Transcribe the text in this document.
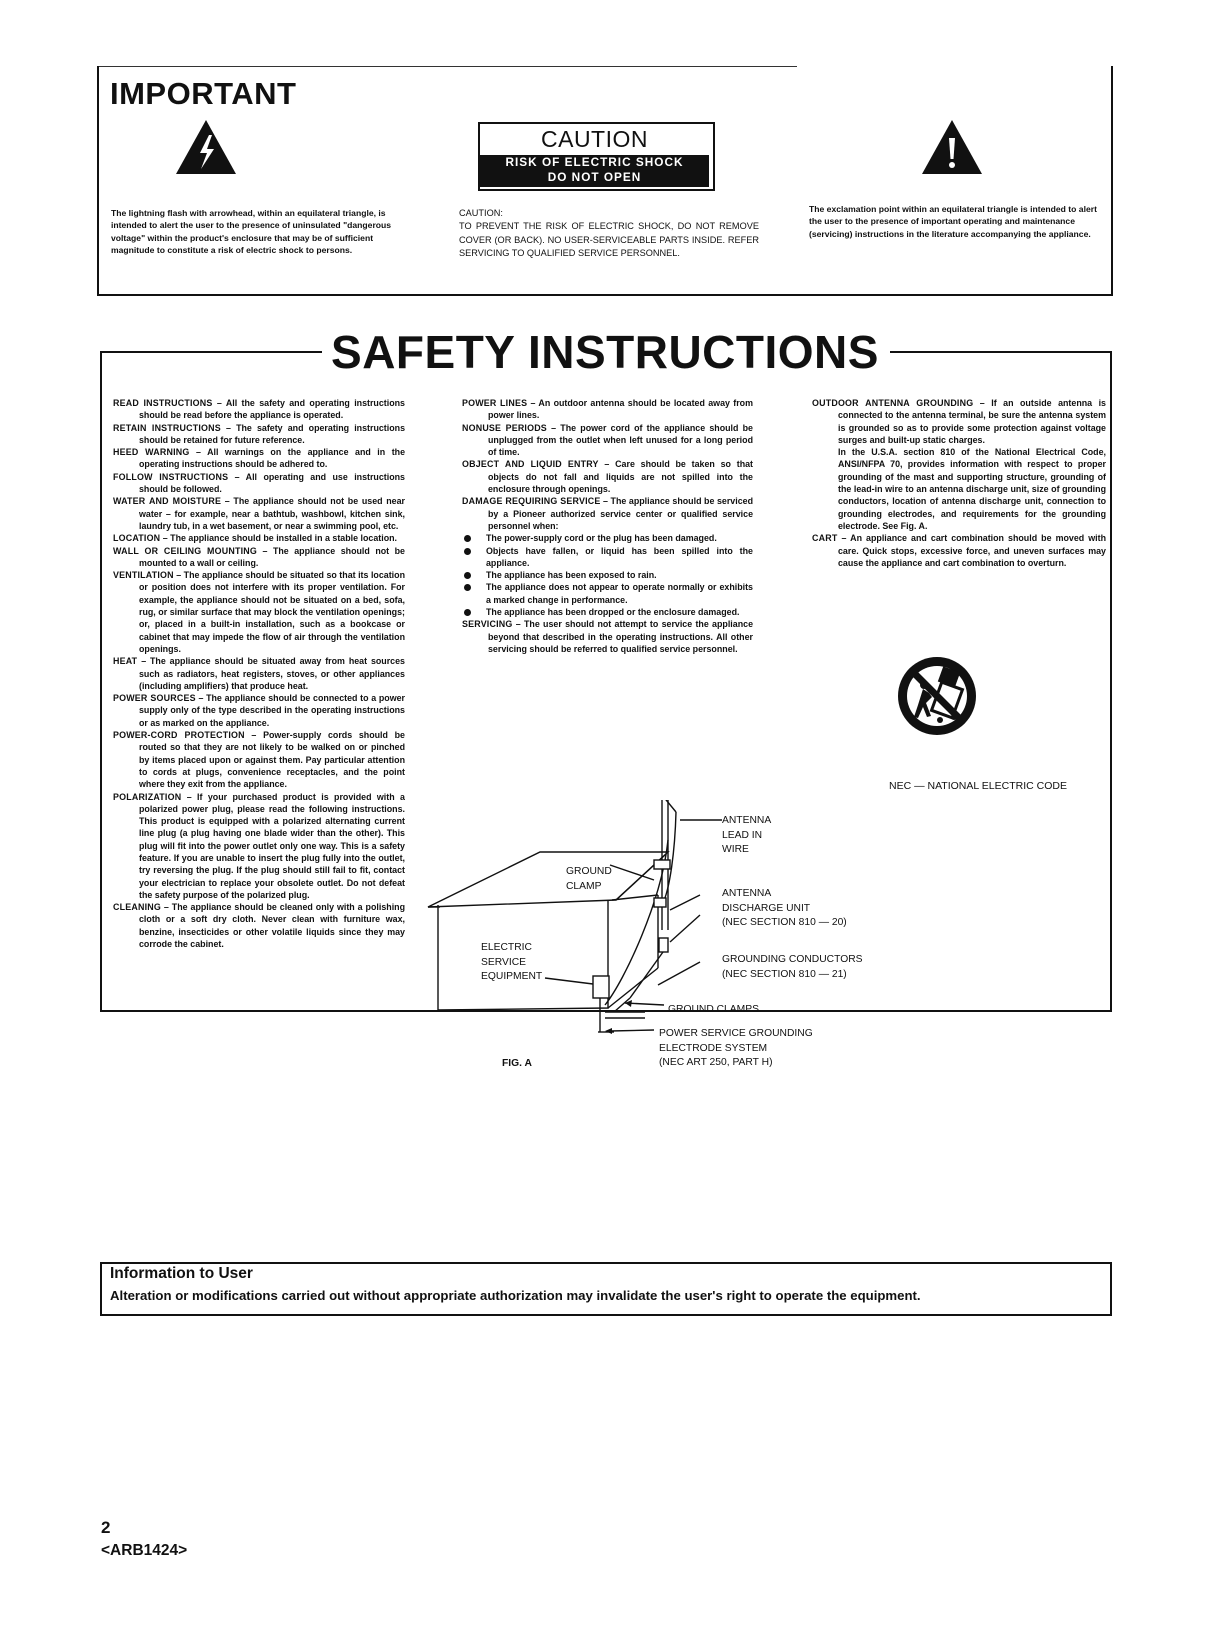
IMPORTANT
CAUTION
RISK OF ELECTRIC SHOCK
DO NOT OPEN
The lightning flash with arrowhead, within an equilateral triangle, is intended to alert the user to the presence of uninsulated "dangerous voltage" within the product's enclosure that may be of sufficient magnitude to constitute a risk of electric shock to persons.
CAUTION:
TO PREVENT THE RISK OF ELECTRIC SHOCK, DO NOT REMOVE COVER (OR BACK). NO USER-SERVICEABLE PARTS INSIDE. REFER SERVICING TO QUALIFIED SERVICE PERSONNEL.
The exclamation point within an equilateral triangle is intended to alert the user to the presence of important operating and maintenance (servicing) instructions in the literature accompanying the appliance.
SAFETY INSTRUCTIONS

READ INSTRUCTIONS – All the safety and operating instructions should be read before the appliance is operated.

RETAIN INSTRUCTIONS – The safety and operating instructions should be retained for future reference.

HEED WARNING – All warnings on the appliance and in the operating instructions should be adhered to.

FOLLOW INSTRUCTIONS – All operating and use instructions should be followed.

WATER AND MOISTURE – The appliance should not be used near water – for example, near a bathtub, washbowl, kitchen sink, laundry tub, in a wet basement, or near a swimming pool, etc.

LOCATION – The appliance should be installed in a stable location.

WALL OR CEILING MOUNTING – The appliance should not be mounted to a wall or ceiling.

VENTILATION – The appliance should be situated so that its location or position does not interfere with its proper ventilation. For example, the appliance should not be situated on a bed, sofa, rug, or similar surface that may block the ventilation openings; or, placed in a built-in installation, such as a bookcase or cabinet that may impede the flow of air through the ventilation openings.

HEAT – The appliance should be situated away from heat sources such as radiators, heat registers, stoves, or other appliances (including amplifiers) that produce heat.

POWER SOURCES – The appliance should be connected to a power supply only of the type described in the operating instructions or as marked on the appliance.

POWER-CORD PROTECTION – Power-supply cords should be routed so that they are not likely to be walked on or pinched by items placed upon or against them. Pay particular attention to cords at plugs, convenience receptacles, and the point where they exit from the appliance.

POLARIZATION – If your purchased product is provided with a polarized power plug, please read the following instructions. This product is equipped with a polarized alternating current line plug (a plug having one blade wider than the other). This plug will fit into the power outlet only one way. This is a safety feature. If you are unable to insert the plug fully into the outlet, try reversing the plug. If the plug should still fail to fit, contact your electrician to replace your obsolete outlet. Do not defeat the safety purpose of the polarized plug.

CLEANING – The appliance should be cleaned only with a polishing cloth or a soft dry cloth. Never clean with furniture wax, benzine, insecticides or other volatile liquids since they may corrode the cabinet.

POWER LINES – An outdoor antenna should be located away from power lines.

NONUSE PERIODS – The power cord of the appliance should be unplugged from the outlet when left unused for a long period of time.

OBJECT AND LIQUID ENTRY – Care should be taken so that objects do not fall and liquids are not spilled into the enclosure through openings.

DAMAGE REQUIRING SERVICE – The appliance should be serviced by a Pioneer authorized service center or qualified service personnel when:

The power-supply cord or the plug has been damaged.

Objects have fallen, or liquid has been spilled into the appliance.

The appliance has been exposed to rain.

The appliance does not appear to operate normally or exhibits a marked change in performance.

The appliance has been dropped or the enclosure damaged.

SERVICING – The user should not attempt to service the appliance beyond that described in the operating instructions. All other servicing should be referred to qualified service personnel.

OUTDOOR ANTENNA GROUNDING – If an outside antenna is connected to the antenna terminal, be sure the antenna system is grounded so as to provide some protection against voltage surges and built-up static charges.

In the U.S.A. section 810 of the National Electrical Code, ANSI/NFPA 70, provides information with respect to proper grounding of the mast and supporting structure, grounding of the lead-in wire to an antenna discharge unit, size of grounding conductors, location of antenna discharge unit, connection to grounding electrodes, and requirements for the grounding electrode. See Fig. A.

CART – An appliance and cart combination should be moved with care. Quick stops, excessive force, and uneven surfaces may cause the appliance and cart combination to overturn.

NEC — NATIONAL ELECTRIC CODE
ANTENNA
LEAD IN
WIRE
GROUND
CLAMP
ANTENNA
DISCHARGE UNIT
(NEC SECTION 810 — 20)
ELECTRIC
SERVICE
EQUIPMENT
GROUNDING CONDUCTORS
(NEC SECTION 810 — 21)
GROUND CLAMPS
POWER SERVICE GROUNDING
ELECTRODE SYSTEM
(NEC ART 250, PART H)
FIG. A
Information to User
Alteration or modifications carried out without appropriate authorization may invalidate the user's right to operate the equipment.
2
<ARB1424>
